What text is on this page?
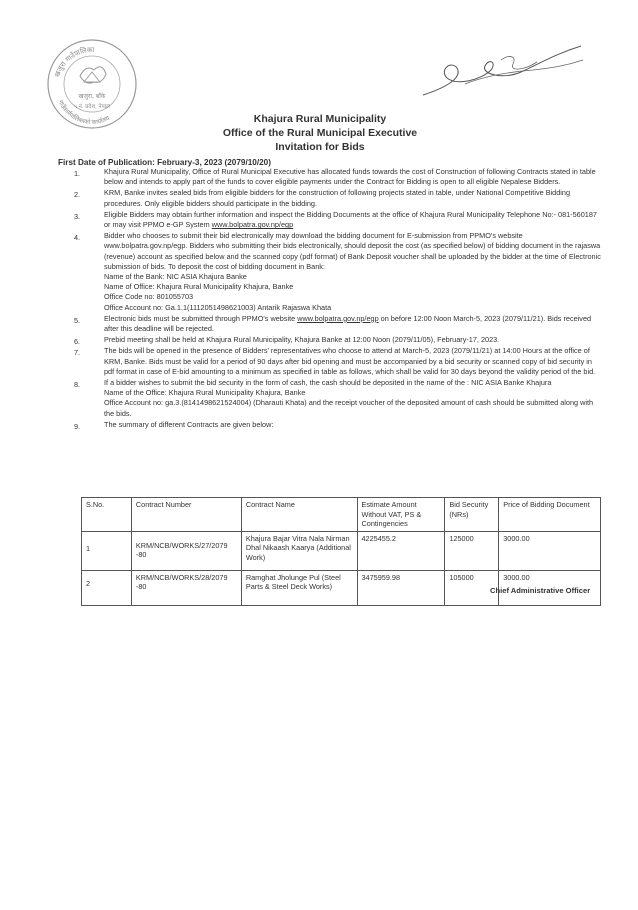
खजुरा गाउँपालिका
गाउँकार्यपालिकाको कार्यालय
खजुरा, बाँके
५ नं. प्रदेश, नेपाल
Khajura Rural Municipality
Office of the Rural Municipal Executive
Invitation for Bids
First Date of Publication: February-3, 2023 (2079/10/20)
1.	Khajura Rural Municipality, Office of Rural Municipal Executive has allocated funds towards the cost of Construction of following Contracts stated in table below and intends to apply part of the funds to cover eligible payments under the Contract for Bidding is open to all eligible Nepalese Bidders.
2.	KRM, Banke invites sealed bids from eligible bidders for the construction of following projects stated in table, under National Competitive Bidding procedures. Only eligible bidders should participate in the bidding.
3.	Eligible Bidders may obtain further information and inspect the Bidding Documents at the office of Khajura Rural Municipality Telephone No:- 081-560187 or may visit PPMO e-GP System www.bolpatra.gov.np/egp
4.	Bidder who chooses to submit their bid electronically may download the bidding document for E-submission from PPMO's website www.bolpatra.gov.np/egp. Bidders who submitting their bids electronically, should deposit the cost (as specified below) of bidding document in the rajaswa (revenue) account as specified below and the scanned copy (pdf format) of Bank Deposit voucher shall be uploaded by the bidder at the time of Electronic submission of bids. To deposit the cost of bidding document in Bank:
Name of the Bank: NIC ASIA Khajura Banke
Name of Office: Khajura Rural Municipality Khajura, Banke
Office Code no: 801055703
Office Account no: Ga.1.1(1112051498621003) Antarik Rajaswa Khata
5.	Electronic bids must be submitted through PPMO's website www.bolpatra.gov.np/egp on before 12:00 Noon March-5, 2023 (2079/11/21). Bids received after this deadline will be rejected.
6.	Prebid meeting shall be held at Khajura Rural Municipality, Khajura Banke at 12:00 Noon (2079/11/05), February-17, 2023.
7.	The bids will be opened in the presence of Bidders' representatives who choose to attend at March-5, 2023 (2079/11/21) at 14:00 Hours at the office of KRM, Banke. Bids must be valid for a period of 90 days after bid opening and must be accompanied by a bid security or scanned copy of bid security in pdf format in case of E-bid amounting to a minimum as specified in table as follows, which shall be valid for 30 days beyond the validity period of the bid.
8.	If a bidder wishes to submit the bid security in the form of cash, the cash should be deposited in the name of the : NIC ASIA Banke Khajura
Name of the Office: Khajura Rural Municipality Khajura, Banke
Office Account no: ga.3.(8141498621524004) (Dharauti Khata) and the receipt voucher of the deposited amount of cash should be submitted along with the bids.
9.	The summary of different Contracts are given below:
S.No.	Contract Number	Contract Name	Estimate Amount Without VAT, PS & Contingencies	Bid Security (NRs)	Price of Bidding Document
1	KRM/NCB/WORKS/27/2079 -80	Khajura Bajar Vitra Nala Nirman Dhal Nikaash Kaarya (Additional Work)	4225455.2	125000	3000.00
2	KRM/NCB/WORKS/28/2079 -80	Ramghat Jholunge Pul (Steel Parts & Steel Deck Works)	3475959.98	105000	3000.00
Chief Administrative Officer
